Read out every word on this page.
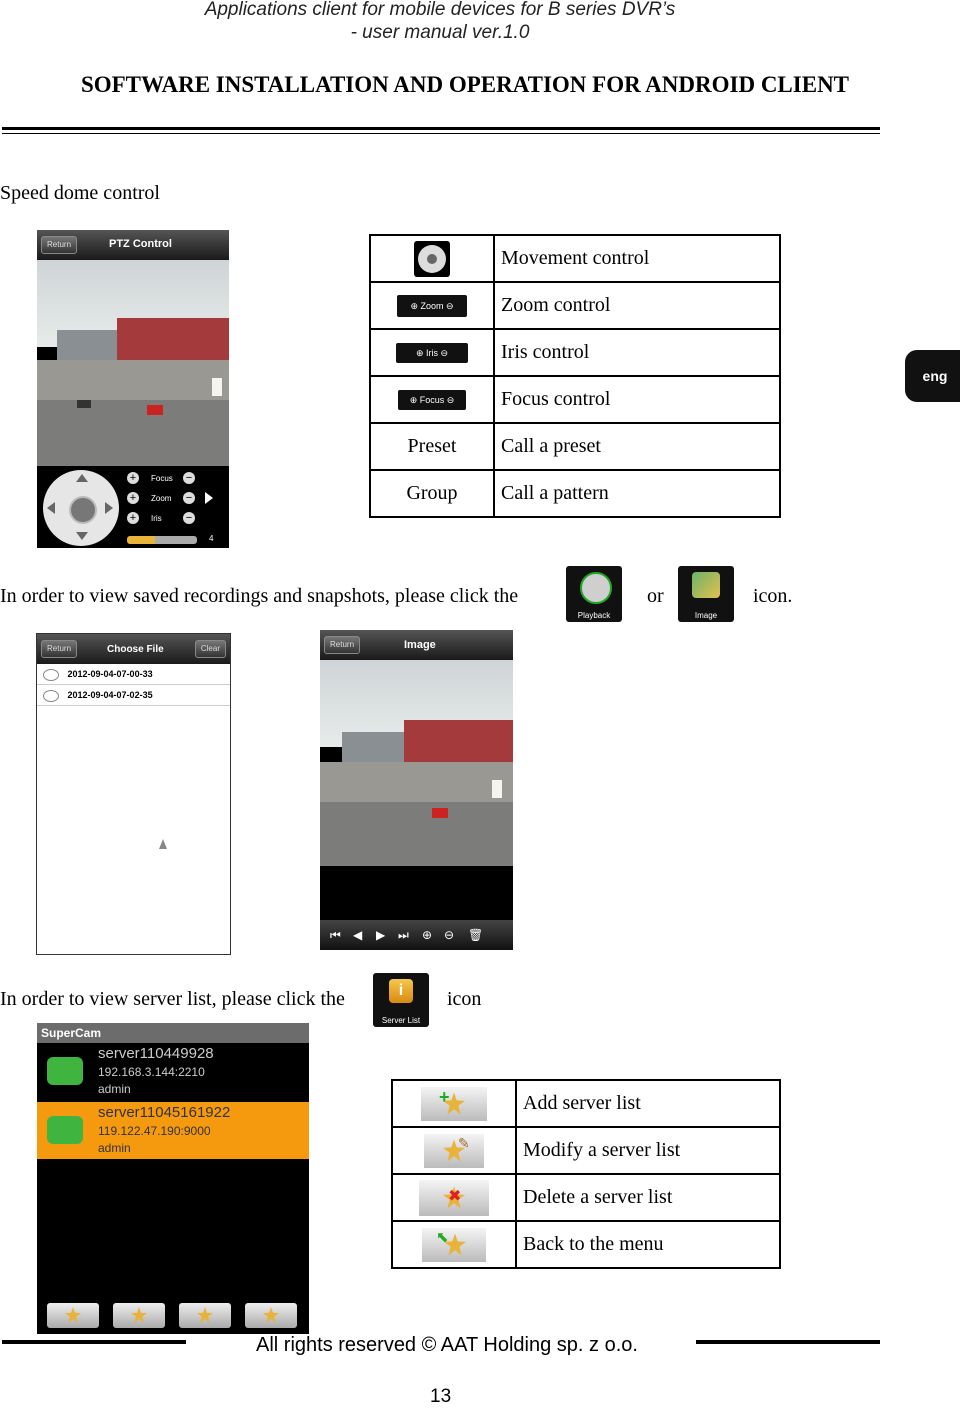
Applications client for mobile devices for B series DVR’s
- user manual ver.1.0
SOFTWARE INSTALLATION AND OPERATION FOR ANDROID CLIENT
eng
Speed dome control
Return	PTZ Control
+	Focus −
+	Zoom −
+	Iris −
4
	Movement control
⊕ Zoom ⊖	Zoom control
⊕ Iris ⊖	Iris control
⊕ Focus ⊖	Focus control
Preset	Call a preset
Group	Call a pattern
In order to view saved recordings and snapshots, please click the
Playback
or
Image
icon.
Return	Choose File	Clear
2012-09-04-07-00-33
2012-09-04-07-02-35
Return	Image
⏮ ◀ ▶ ⏭ ⊕ ⊖ 🗑
In order to view server list, please click the	i
Server List
icon
SuperCam
server110449928
192.168.3.144:2210
admin
server11045161922
119.122.47.190:9000
admin
+	Add server list

✎	Modify a server list

✖	Delete a server list

⬉	Back to the menu
All rights reserved © AAT Holding sp. z o.o.
13
